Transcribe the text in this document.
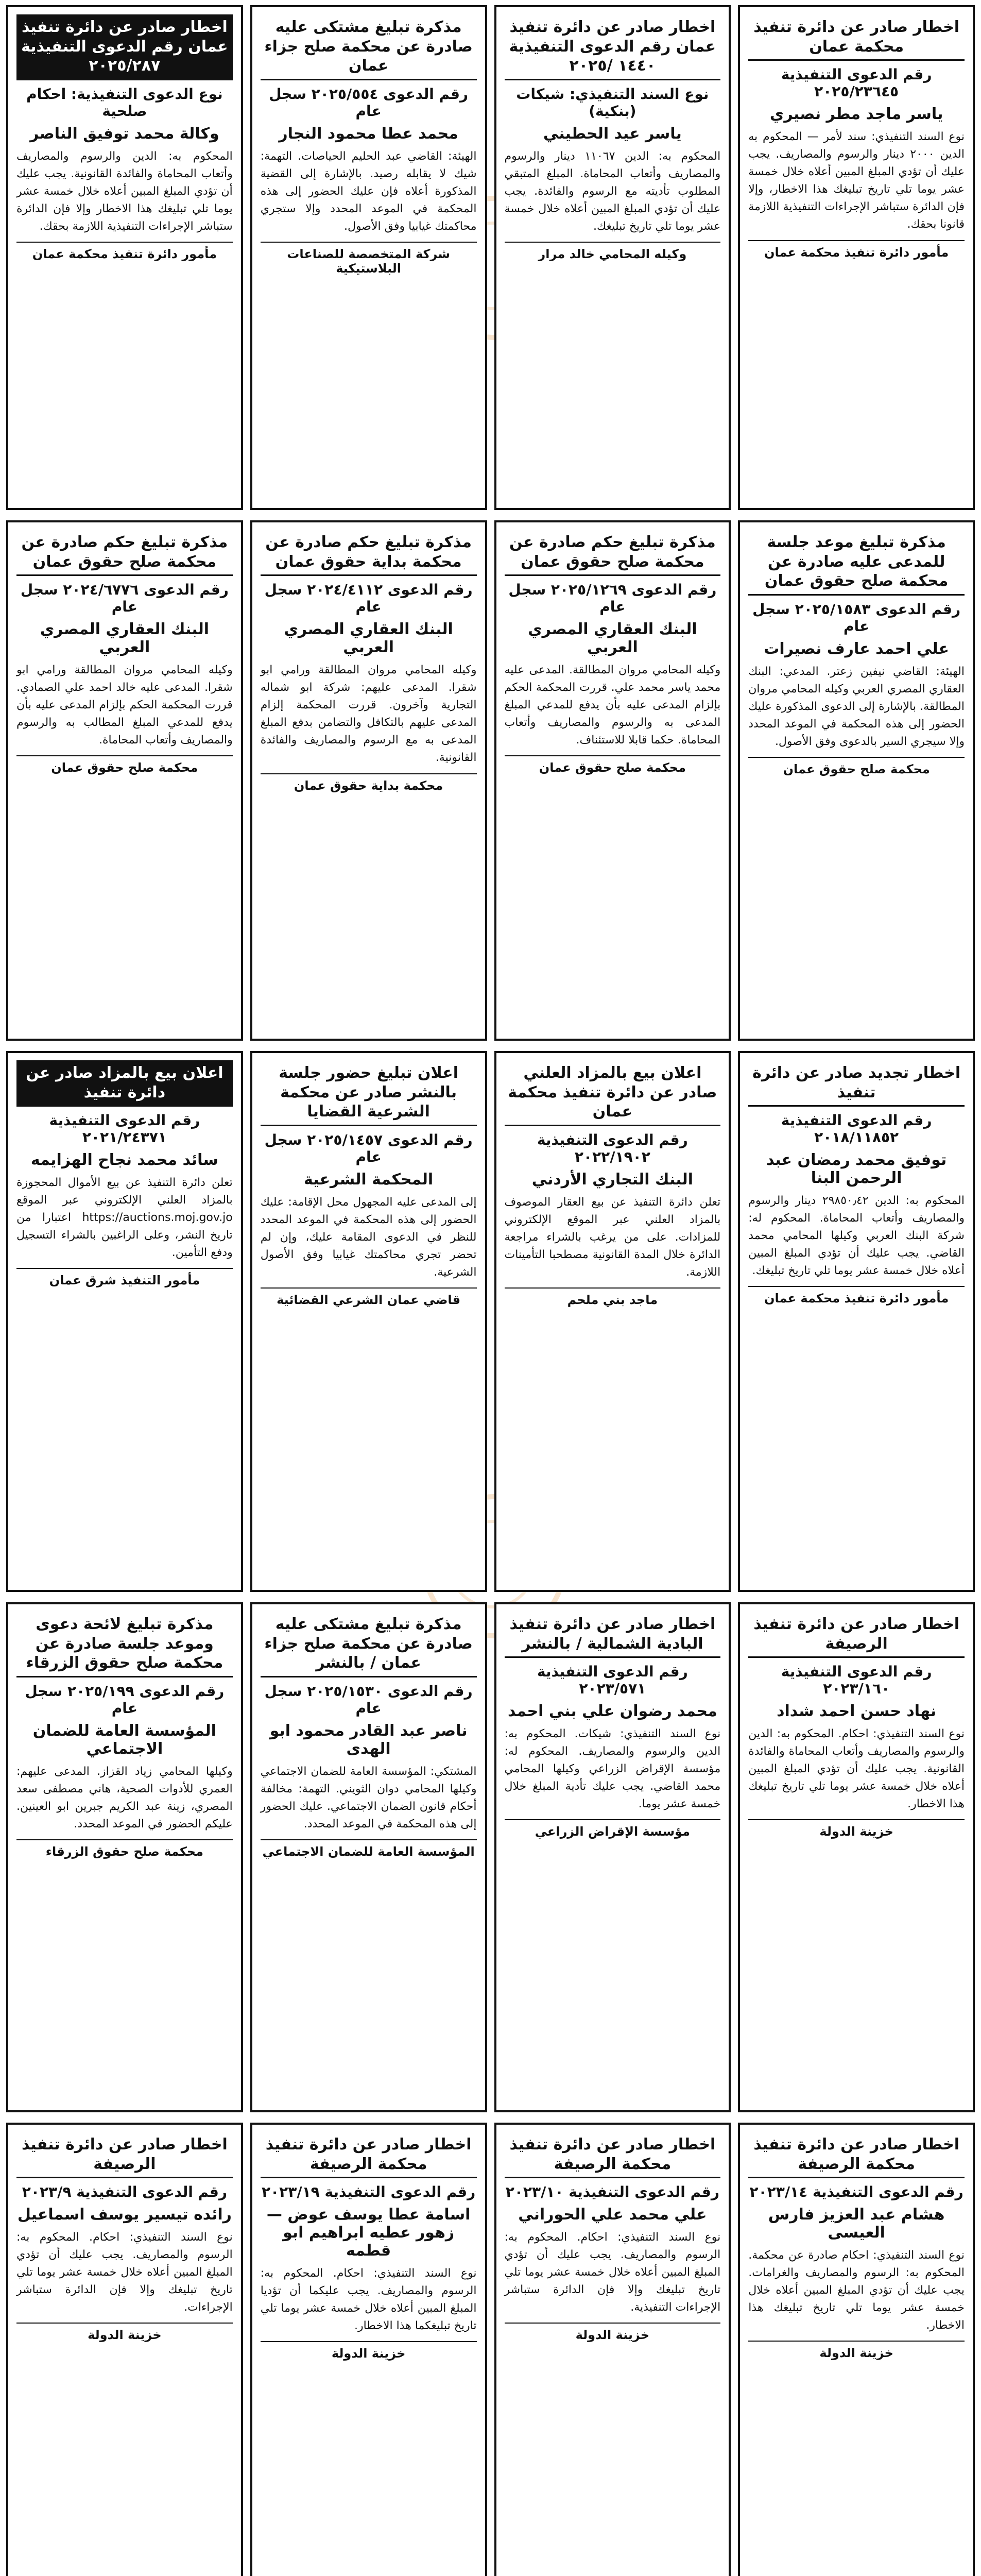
اخطار صادر عن دائرة تنفيذ محكمة عمان
رقم الدعوى التنفيذية ٢٠٢٥/٢٣٦٤٥
ياسر ماجد مطر نصيري
نوع السند التنفيذي: سند لأمر — المحكوم به الدين ٢٠٠٠ دينار والرسوم والمصاريف. يجب عليك أن تؤدي المبلغ المبين أعلاه خلال خمسة عشر يوما تلي تاريخ تبليغك هذا الاخطار، وإلا فإن الدائرة ستباشر الإجراءات التنفيذية اللازمة قانونا بحقك.
مأمور دائرة تنفيذ محكمة عمان
اخطار صادر عن دائرة تنفيذ عمان رقم الدعوى التنفيذية ١٤٤٠ /٢٠٢٥
نوع السند التنفيذي: شيكات (بنكية)
ياسر عيد الحطيني
المحكوم به: الدين ١١٠٦٧ دينار والرسوم والمصاريف وأتعاب المحاماة. المبلغ المتبقي المطلوب تأديته مع الرسوم والفائدة. يجب عليك أن تؤدي المبلغ المبين أعلاه خلال خمسة عشر يوما تلي تاريخ تبليغك.
وكيله المحامي خالد مرار
مذكرة تبليغ مشتكى عليه صادرة عن محكمة صلح جزاء عمان
رقم الدعوى ٢٠٢٥/٥٥٤ سجل عام
محمد عطا محمود النجار
الهيئة: القاضي عبد الحليم الحياصات. التهمة: شيك لا يقابله رصيد. بالإشارة إلى القضية المذكورة أعلاه فإن عليك الحضور إلى هذه المحكمة في الموعد المحدد وإلا ستجري محاكمتك غيابيا وفق الأصول.
شركة المتخصصة للصناعات البلاستيكية
اخطار صادر عن دائرة تنفيذ عمان رقم الدعوى التنفيذية ٢٠٢٥/٢٨٧
نوع الدعوى التنفيذية: احكام صلحية
وكالة محمد توفيق الناصر
المحكوم به: الدين والرسوم والمصاريف وأتعاب المحاماة والفائدة القانونية. يجب عليك أن تؤدي المبلغ المبين أعلاه خلال خمسة عشر يوما تلي تبليغك هذا الاخطار وإلا فإن الدائرة ستباشر الإجراءات التنفيذية اللازمة بحقك.
مأمور دائرة تنفيذ محكمة عمان
مذكرة تبليغ موعد جلسة للمدعى عليه صادرة عن محكمة صلح حقوق عمان
رقم الدعوى ٢٠٢٥/١٥٨٣ سجل عام
علي احمد عارف نصيرات
الهيئة: القاضي نيفين زعتر. المدعي: البنك العقاري المصري العربي وكيله المحامي مروان المطالقة. بالإشارة إلى الدعوى المذكورة عليك الحضور إلى هذه المحكمة في الموعد المحدد وإلا سيجري السير بالدعوى وفق الأصول.
محكمة صلح حقوق عمان
مذكرة تبليغ حكم صادرة عن محكمة صلح حقوق عمان
رقم الدعوى ٢٠٢٥/١٢٦٩ سجل عام
البنك العقاري المصري العربي
وكيله المحامي مروان المطالقة. المدعى عليه محمد ياسر محمد علي. قررت المحكمة الحكم بإلزام المدعى عليه بأن يدفع للمدعي المبلغ المدعى به والرسوم والمصاريف وأتعاب المحاماة. حكما قابلا للاستئناف.
محكمة صلح حقوق عمان
مذكرة تبليغ حكم صادرة عن محكمة بداية حقوق عمان
رقم الدعوى ٢٠٢٤/٤١١٢ سجل عام
البنك العقاري المصري العربي
وكيله المحامي مروان المطالقة ورامي ابو شقرا. المدعى عليهم: شركة ابو شماله التجارية وآخرون. قررت المحكمة إلزام المدعى عليهم بالتكافل والتضامن بدفع المبلغ المدعى به مع الرسوم والمصاريف والفائدة القانونية.
محكمة بداية حقوق عمان
مذكرة تبليغ حكم صادرة عن محكمة صلح حقوق عمان
رقم الدعوى ٢٠٢٤/٦٧٧٦ سجل عام
البنك العقاري المصري العربي
وكيله المحامي مروان المطالقة ورامي ابو شقرا. المدعى عليه خالد احمد علي الصمادي. قررت المحكمة الحكم بإلزام المدعى عليه بأن يدفع للمدعي المبلغ المطالب به والرسوم والمصاريف وأتعاب المحاماة.
محكمة صلح حقوق عمان
اخطار تجديد صادر عن دائرة تنفيذ
رقم الدعوى التنفيذية ٢٠١٨/١١٨٥٢
توفيق محمد رمضان عبد الرحمن البنا
المحكوم به: الدين ٢٩٨٥٠٫٤٢ دينار والرسوم والمصاريف وأتعاب المحاماة. المحكوم له: شركة البنك العربي وكيلها المحامي محمد القاضي. يجب عليك أن تؤدي المبلغ المبين أعلاه خلال خمسة عشر يوما تلي تاريخ تبليغك.
مأمور دائرة تنفيذ محكمة عمان
اعلان بيع بالمزاد العلني صادر عن دائرة تنفيذ محكمة عمان
رقم الدعوى التنفيذية ٢٠٢٢/١٩٠٢
البنك التجاري الأردني
تعلن دائرة التنفيذ عن بيع العقار الموصوف بالمزاد العلني عبر الموقع الإلكتروني للمزادات. على من يرغب بالشراء مراجعة الدائرة خلال المدة القانونية مصطحبا التأمينات اللازمة.
ماجد بني ملحم
اعلان تبليغ حضور جلسة بالنشر صادر عن محكمة الشرعية القضايا
رقم الدعوى ٢٠٢٥/١٤٥٧ سجل عام
المحكمة الشرعية
إلى المدعى عليه المجهول محل الإقامة: عليك الحضور إلى هذه المحكمة في الموعد المحدد للنظر في الدعوى المقامة عليك، وإن لم تحضر تجري محاكمتك غيابيا وفق الأصول الشرعية.
قاضي عمان الشرعي القضائية
اعلان بيع بالمزاد صادر عن دائرة تنفيذ
رقم الدعوى التنفيذية ٢٠٢١/٢٤٣٧١
سائد محمد نجاح الهزايمه
تعلن دائرة التنفيذ عن بيع الأموال المحجوزة بالمزاد العلني الإلكتروني عبر الموقع https://auctions.moj.gov.jo اعتبارا من تاريخ النشر، وعلى الراغبين بالشراء التسجيل ودفع التأمين.
مأمور التنفيذ شرق عمان
اخطار صادر عن دائرة تنفيذ الرصيفة
رقم الدعوى التنفيذية ٢٠٢٣/١٦٠
نهاد حسن احمد شداد
نوع السند التنفيذي: احكام. المحكوم به: الدين والرسوم والمصاريف وأتعاب المحاماة والفائدة القانونية. يجب عليك أن تؤدي المبلغ المبين أعلاه خلال خمسة عشر يوما تلي تاريخ تبليغك هذا الاخطار.
خزينة الدولة
اخطار صادر عن دائرة تنفيذ البادية الشمالية / بالنشر
رقم الدعوى التنفيذية ٢٠٢٣/٥٧١
محمد رضوان علي بني احمد
نوع السند التنفيذي: شيكات. المحكوم به: الدين والرسوم والمصاريف. المحكوم له: مؤسسة الإقراض الزراعي وكيلها المحامي محمد القاضي. يجب عليك تأدية المبلغ خلال خمسة عشر يوما.
مؤسسة الإقراض الزراعي
مذكرة تبليغ مشتكى عليه صادرة عن محكمة صلح جزاء عمان / بالنشر
رقم الدعوى ٢٠٢٥/١٥٣٠ سجل عام
ناصر عبد القادر محمود ابو الهدى
المشتكي: المؤسسة العامة للضمان الاجتماعي وكيلها المحامي دوان الثويني. التهمة: مخالفة أحكام قانون الضمان الاجتماعي. عليك الحضور إلى هذه المحكمة في الموعد المحدد.
المؤسسة العامة للضمان الاجتماعي
مذكرة تبليغ لائحة دعوى وموعد جلسة صادرة عن محكمة صلح حقوق الزرقاء
رقم الدعوى ٢٠٢٥/١٩٩ سجل عام
المؤسسة العامة للضمان الاجتماعي
وكيلها المحامي زياد القزاز. المدعى عليهم: العمري للأدوات الصحية، هاني مصطفى سعد المصري، زينة عبد الكريم جبرين ابو العينين. عليكم الحضور في الموعد المحدد.
محكمة صلح حقوق الزرقاء
اخطار صادر عن دائرة تنفيذ محكمة الرصيفة
رقم الدعوى التنفيذية ٢٠٢٣/١٤
هشام عبد العزيز فارس العيسى
نوع السند التنفيذي: احكام صادرة عن محكمة. المحكوم به: الرسوم والمصاريف والغرامات. يجب عليك أن تؤدي المبلغ المبين أعلاه خلال خمسة عشر يوما تلي تاريخ تبليغك هذا الاخطار.
خزينة الدولة
اخطار صادر عن دائرة تنفيذ محكمة الرصيفة
رقم الدعوى التنفيذية ٢٠٢٣/١٠
علي محمد علي الحوراني
نوع السند التنفيذي: احكام. المحكوم به: الرسوم والمصاريف. يجب عليك أن تؤدي المبلغ المبين أعلاه خلال خمسة عشر يوما تلي تاريخ تبليغك وإلا فإن الدائرة ستباشر الإجراءات التنفيذية.
خزينة الدولة
اخطار صادر عن دائرة تنفيذ محكمة الرصيفة
رقم الدعوى التنفيذية ٢٠٢٣/١٩
اسامة عطا يوسف عوض — زهور عطيه ابراهيم ابو قطمه
نوع السند التنفيذي: احكام. المحكوم به: الرسوم والمصاريف. يجب عليكما أن تؤديا المبلغ المبين أعلاه خلال خمسة عشر يوما تلي تاريخ تبليغكما هذا الاخطار.
خزينة الدولة
اخطار صادر عن دائرة تنفيذ الرصيفة
رقم الدعوى التنفيذية ٢٠٢٣/٩
رائده تيسير يوسف اسماعيل
نوع السند التنفيذي: احكام. المحكوم به: الرسوم والمصاريف. يجب عليك أن تؤدي المبلغ المبين أعلاه خلال خمسة عشر يوما تلي تاريخ تبليغك وإلا فإن الدائرة ستباشر الإجراءات.
خزينة الدولة
